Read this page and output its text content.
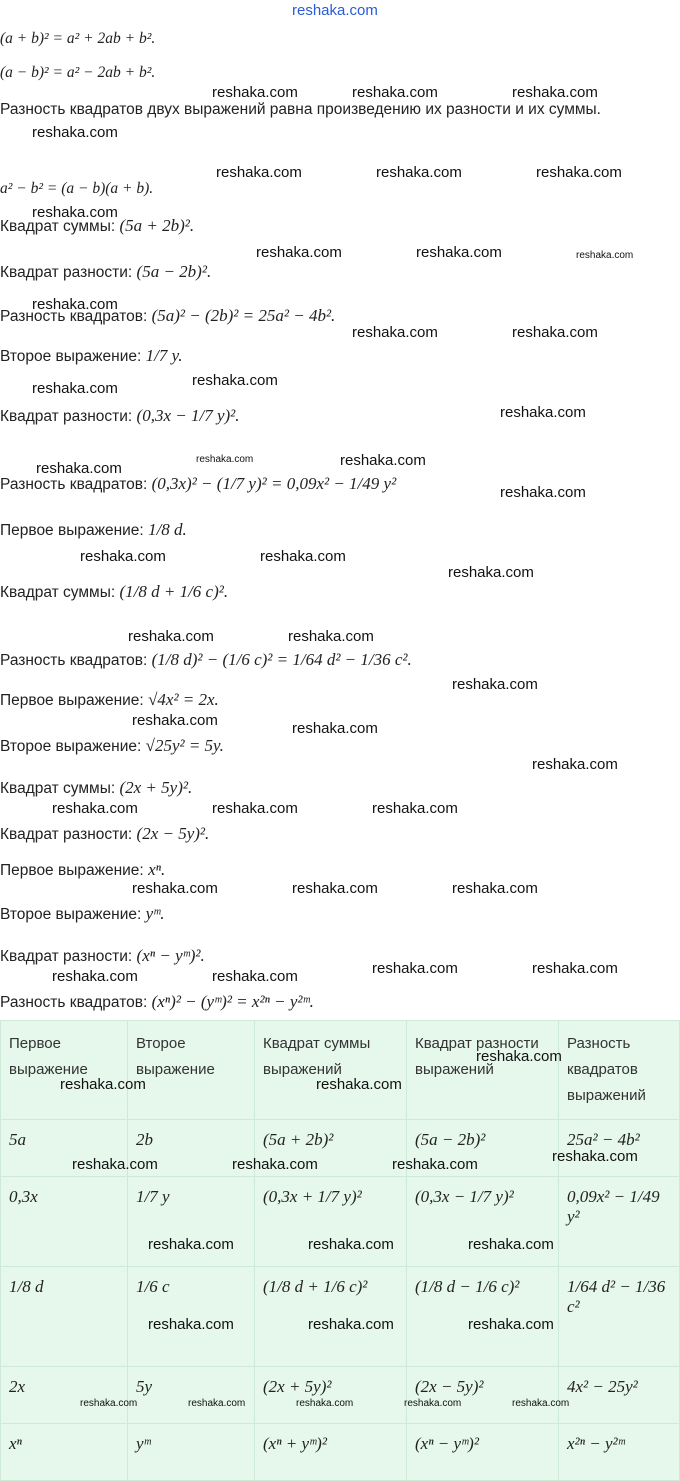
reshaka.com
(a + b)² = a² + 2ab + b².
(a − b)² = a² − 2ab + b².
Разность квадратов двух выражений равна произведению их разности и их суммы.
a² − b² = (a − b)(a + b).
Квадрат суммы: (5a + 2b)².
Квадрат разности: (5a − 2b)².
Разность квадратов: (5a)² − (2b)² = 25a² − 4b².
Второе выражение: 1/7 y.
Квадрат разности: (0,3x − 1/7 y)².
Разность квадратов: (0,3x)² − (1/7 y)² = 0,09x² − 1/49 y²
Первое выражение: 1/8 d.
Квадрат суммы: (1/8 d + 1/6 c)².
Разность квадратов: (1/8 d)² − (1/6 c)² = 1/64 d² − 1/36 c².
Первое выражение: √4x² = 2x.
Второе выражение: √25y² = 5y.
Квадрат суммы: (2x + 5y)².
Квадрат разности: (2x − 5y)².
Первое выражение: xⁿ.
Второе выражение: yᵐ.
Квадрат разности: (xⁿ − yᵐ)².
Разность квадратов: (xⁿ)² − (yᵐ)² = x²ⁿ − y²ᵐ.
reshaka.com	reshaka.com	reshaka.com
reshaka.com
reshaka.com	reshaka.com	reshaka.com
reshaka.com
reshaka.com	reshaka.com	reshaka.com
reshaka.com
reshaka.com	reshaka.com
reshaka.com	reshaka.com
reshaka.com
reshaka.com
reshaka.com	reshaka.com
reshaka.com
reshaka.com	reshaka.com
reshaka.com
reshaka.com	reshaka.com
reshaka.com
reshaka.com	reshaka.com
reshaka.com
reshaka.com	reshaka.com	reshaka.com
reshaka.com	reshaka.com	reshaka.com
reshaka.com	reshaka.com	reshaka.com	reshaka.com
Первое выражение	Второе выражение	Квадрат суммы выражений	Квадрат разности выражений	Разность квадратов выражений
5a	2b	(5a + 2b)²	(5a − 2b)²	25a² − 4b²
0,3x	1/7 y	(0,3x + 1/7 y)²	(0,3x − 1/7 y)²	0,09x² − 1/49 y²
1/8 d	1/6 c	(1/8 d + 1/6 c)²	(1/8 d − 1/6 c)²	1/64 d² − 1/36 c²
2x	5y	(2x + 5y)²	(2x − 5y)²	4x² − 25y²
xⁿ	yᵐ	(xⁿ + yᵐ)²	(xⁿ − yᵐ)²	x²ⁿ − y²ᵐ
reshaka.com
reshaka.com	reshaka.com
reshaka.com
reshaka.com	reshaka.com	reshaka.com
reshaka.com	reshaka.com	reshaka.com
reshaka.com	reshaka.com	reshaka.com
reshaka.com	reshaka.com	reshaka.com	reshaka.com	reshaka.com
